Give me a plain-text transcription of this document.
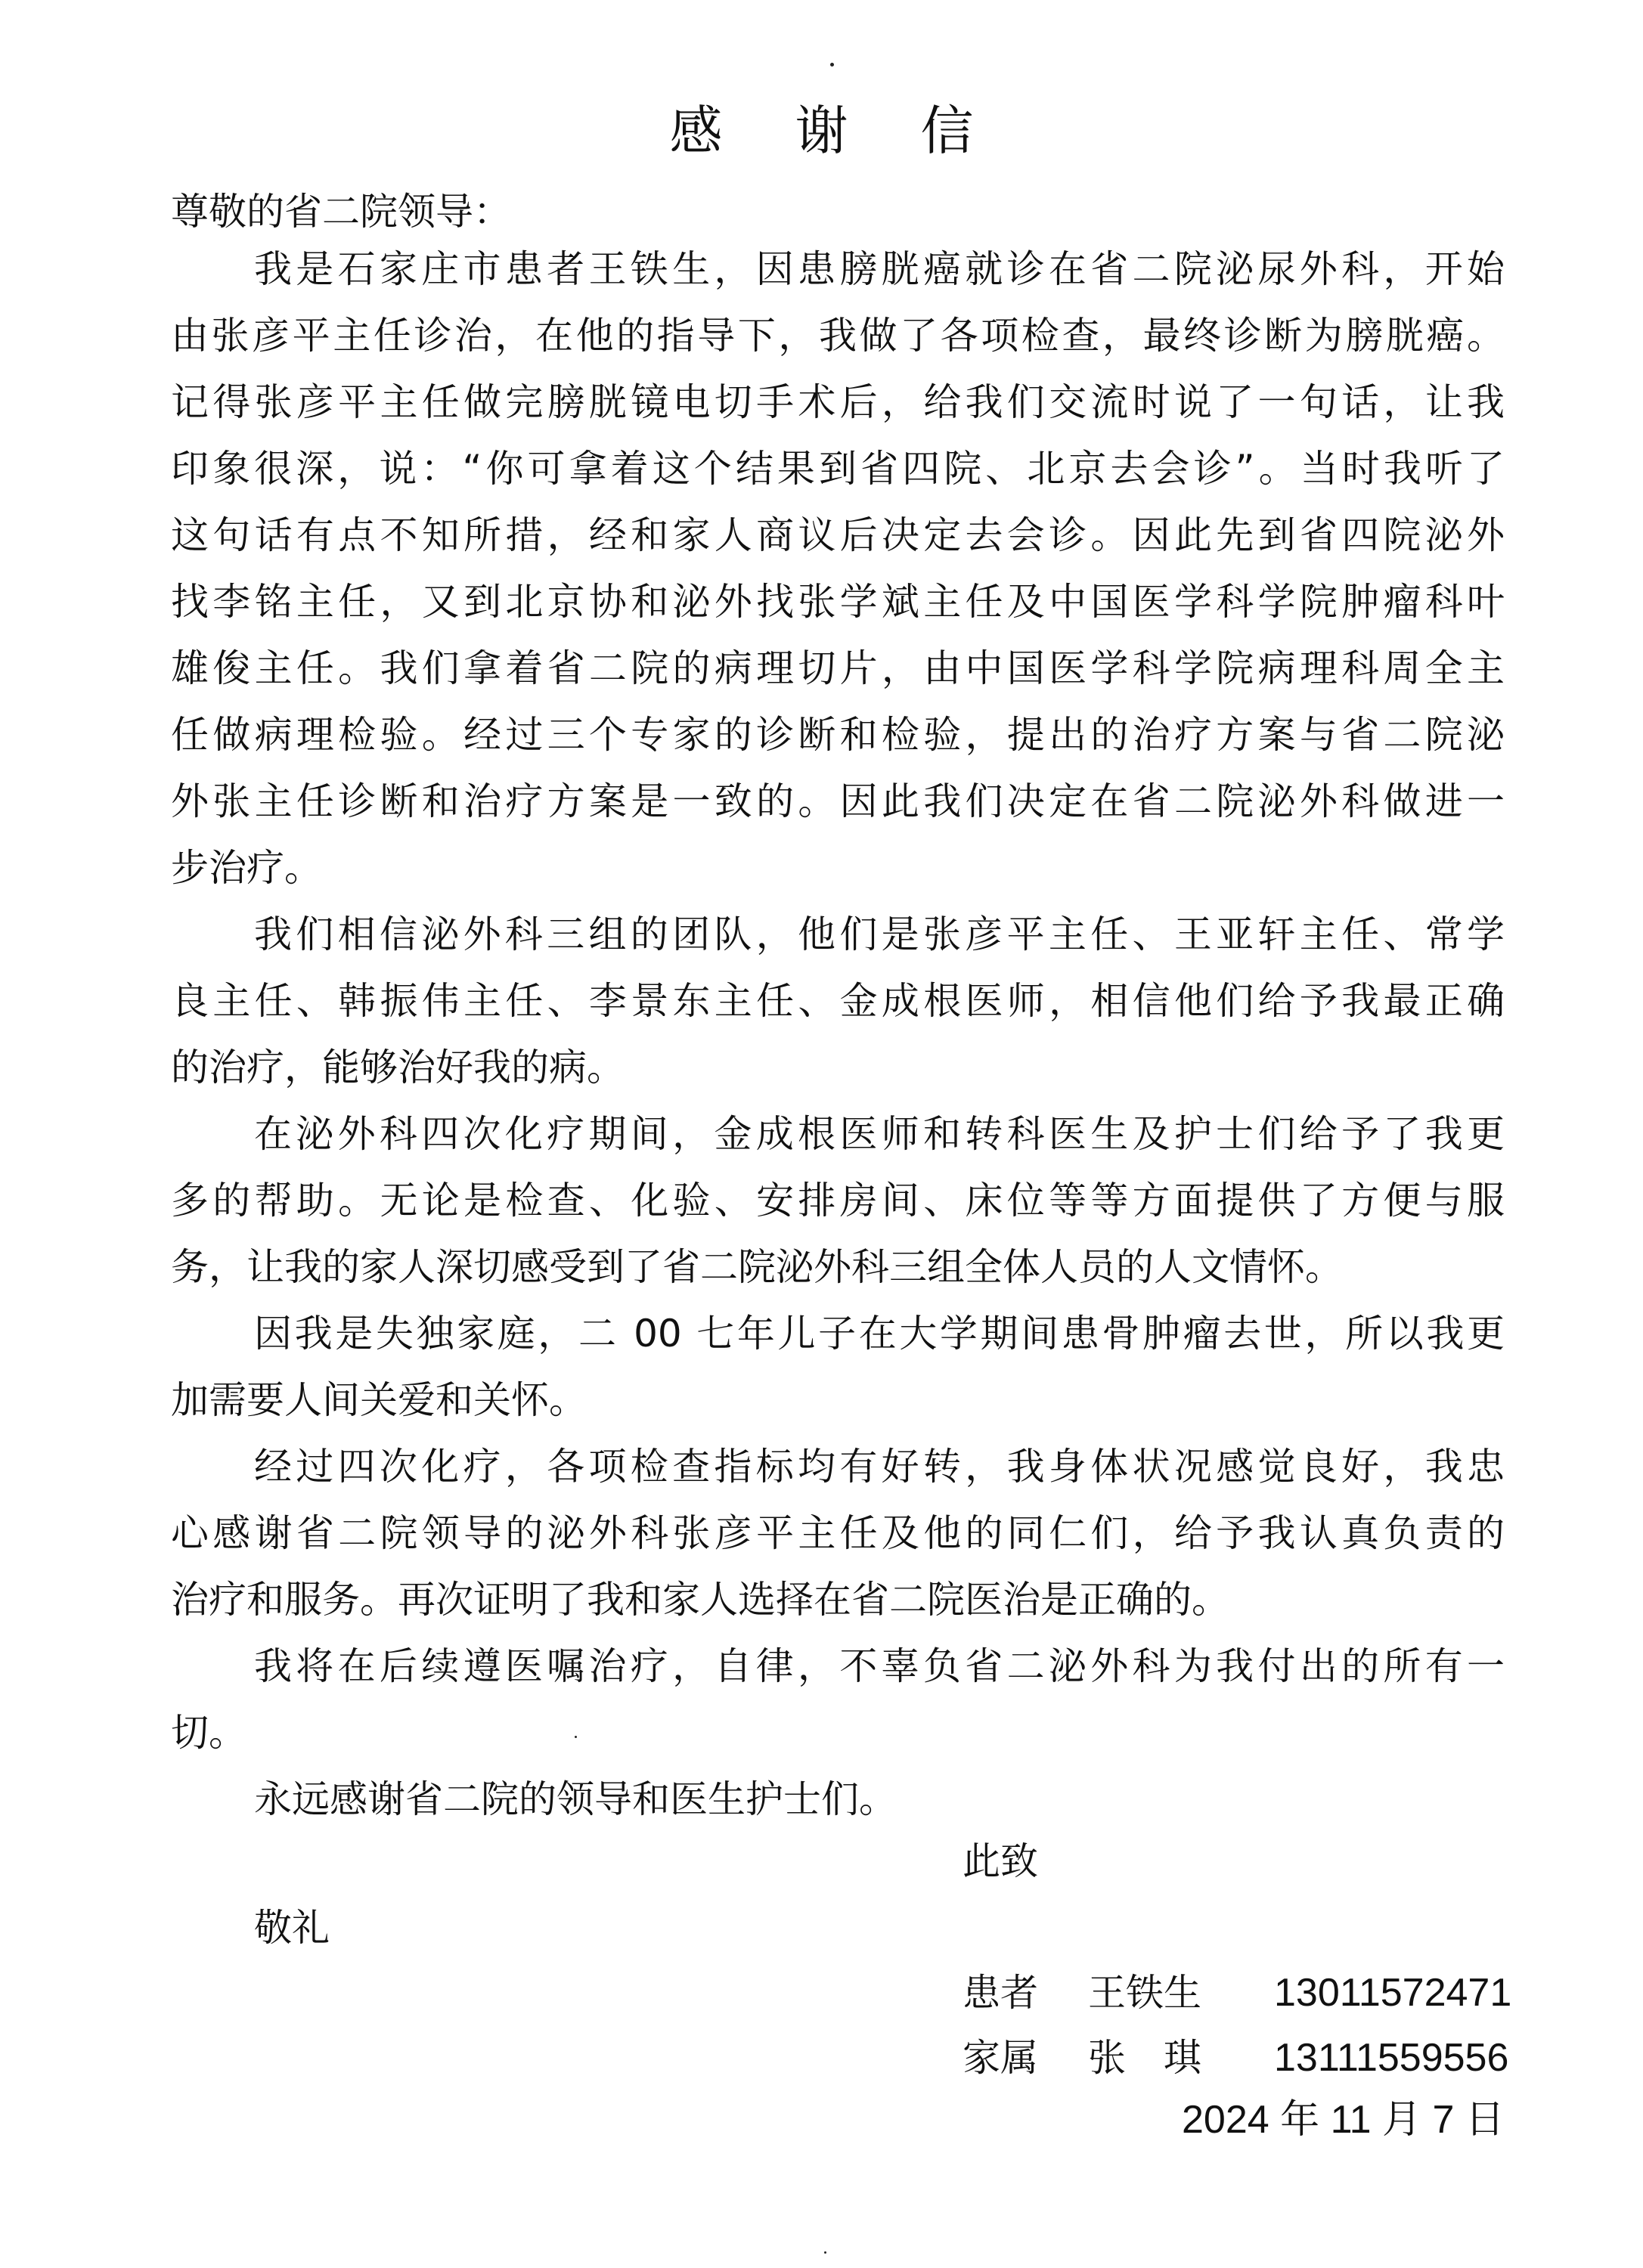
感 谢 信
尊敬的省二院领导：
我是石家庄市患者王铁生，因患膀胱癌就诊在省二院泌尿外科，开始
由张彦平主任诊治，在他的指导下，我做了各项检查，最终诊断为膀胱癌。
记得张彦平主任做完膀胱镜电切手术后，给我们交流时说了一句话，让我
印象很深，说：“你可拿着这个结果到省四院、北京去会诊”。当时我听了
这句话有点不知所措，经和家人商议后决定去会诊。因此先到省四院泌外
找李铭主任，又到北京协和泌外找张学斌主任及中国医学科学院肿瘤科叶
雄俊主任。我们拿着省二院的病理切片，由中国医学科学院病理科周全主
任做病理检验。经过三个专家的诊断和检验，提出的治疗方案与省二院泌
外张主任诊断和治疗方案是一致的。因此我们决定在省二院泌外科做进一
步治疗。
我们相信泌外科三组的团队，他们是张彦平主任、王亚轩主任、常学
良主任、韩振伟主任、李景东主任、金成根医师，相信他们给予我最正确
的治疗，能够治好我的病。
在泌外科四次化疗期间，金成根医师和转科医生及护士们给予了我更
多的帮助。无论是检查、化验、安排房间、床位等等方面提供了方便与服
务，让我的家人深切感受到了省二院泌外科三组全体人员的人文情怀。
因我是失独家庭，二 00 七年儿子在大学期间患骨肿瘤去世，所以我更
加需要人间关爱和关怀。
经过四次化疗，各项检查指标均有好转，我身体状况感觉良好，我忠
心感谢省二院领导的泌外科张彦平主任及他的同仁们，给予我认真负责的
治疗和服务。再次证明了我和家人选择在省二院医治是正确的。
我将在后续遵医嘱治疗，自律，不辜负省二泌外科为我付出的所有一
切。
永远感谢省二院的领导和医生护士们。
此致
敬礼
患者 王铁生 13011572471
家属 张　琪 13111559556
2024 年 11 月 7 日
